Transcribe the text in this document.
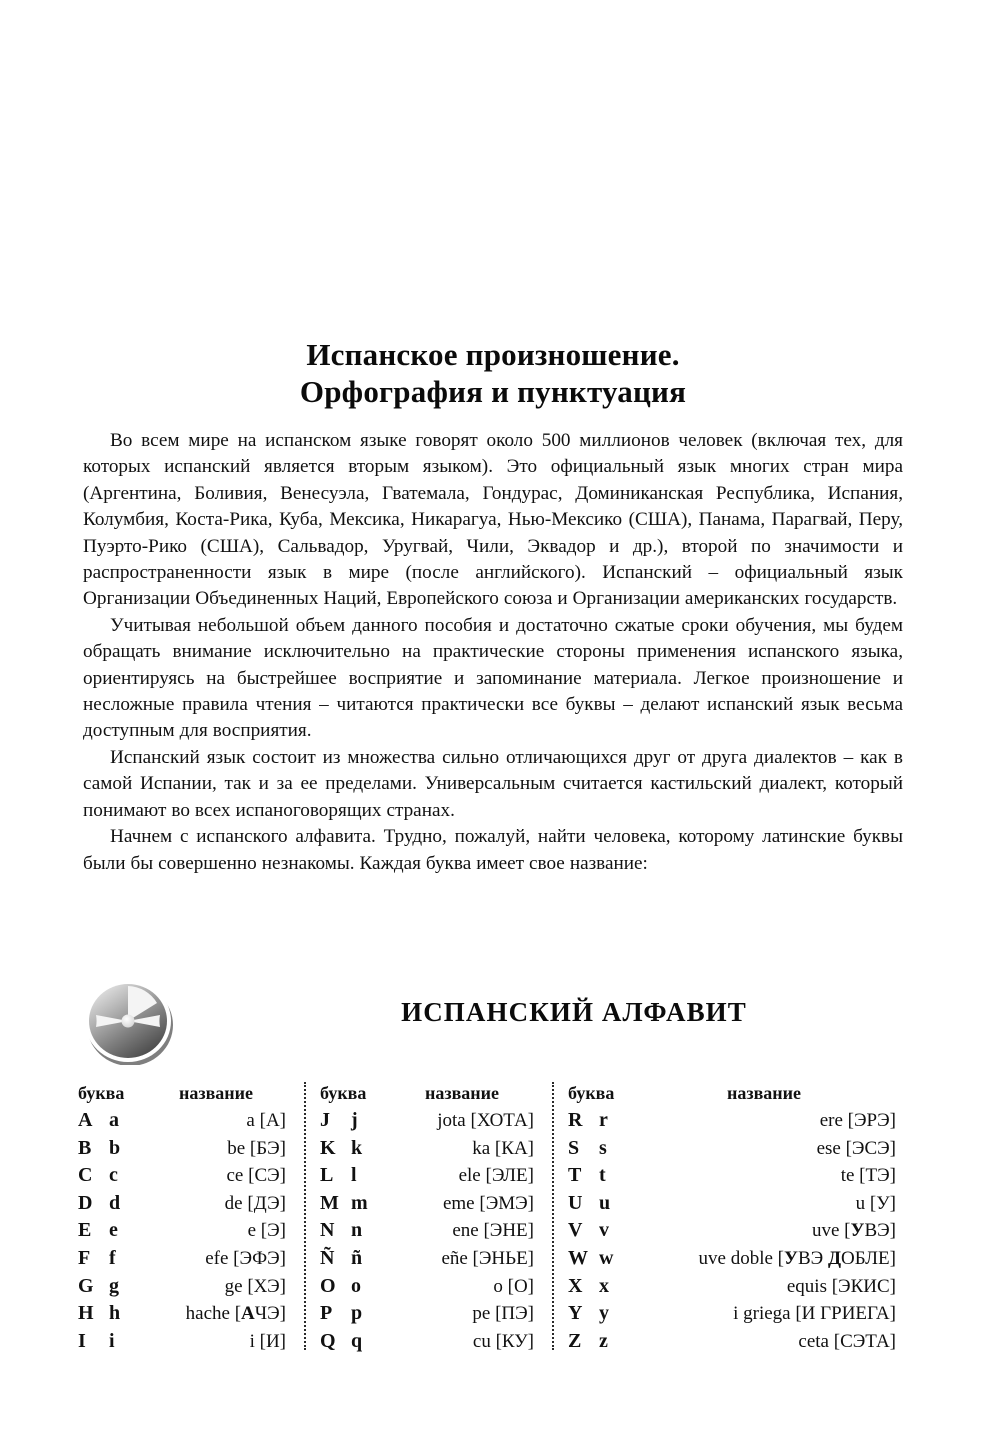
Испанское произношение.
Орфография и пунктуация

Во всем мире на испанском языке говорят около 500 миллионов человек (включая тех, для которых испанский является вторым языком). Это официальный язык многих стран мира (Аргентина, Боливия, Венесуэла, Гватемала, Гондурас, Доминиканская Республика, Испания, Колумбия, Коста-Рика, Куба, Мексика, Никарагуа, Нью-Мексико (США), Панама, Парагвай, Перу, Пуэрто-Рико (США), Сальвадор, Уругвай, Чили, Эквадор и др.), второй по значимости и распространенности язык в мире (после английского). Испанский – официальный язык Организации Объединенных Наций, Европейского союза и Организации американских государств.

Учитывая небольшой объем данного пособия и достаточно сжатые сроки обучения, мы будем обращать внимание исключительно на практические стороны применения испанского языка, ориентируясь на быстрейшее восприятие и запоминание материала. Легкое произношение и несложные правила чтения – читаются практически все буквы – делают испанский язык весьма доступным для восприятия.

Испанский язык состоит из множества сильно отличающихся друг от друга диалектов – как в самой Испании, так и за ее пределами. Универсальным считается кастильский диалект, который понимают во всех испаноговорящих странах.

Начнем с испанского алфавита. Трудно, пожалуй, найти человека, которому латинские буквы были бы совершенно незнакомы. Каждая буква имеет свое название:

ИСПАНСКИЙ АЛФАВИТ
буква	название
A a	a [А]
B b	be [БЭ]
C c	ce [СЭ]
D d	de [ДЭ]
E e	e [Э]
F f	efe [ЭФЭ]
G g	ge [ХЭ]
H h	hache [АЧЭ]
I	i	i [И]
буква	название
J	j	jota [ХОТА]
K k	ka [КА]
L l	ele [ЭЛЕ]
M m	eme [ЭМЭ]
N n	ene [ЭНЕ]
Ñ ñ	eñe [ЭНЬЕ]
O o	o [О]
P p	pe [ПЭ]
Q q	cu [КУ]
буква	название
R r	ere [ЭРЭ]
S s	ese [ЭСЭ]
T t	te [ТЭ]
U u	u [У]
V v	uve [УВЭ]
W w	uve doble [УВЭ ДОБЛЕ]
X x	equis [ЭКИС]
Y y	i griega [И ГРИЕГА]
Z z	ceta [СЭТА]
